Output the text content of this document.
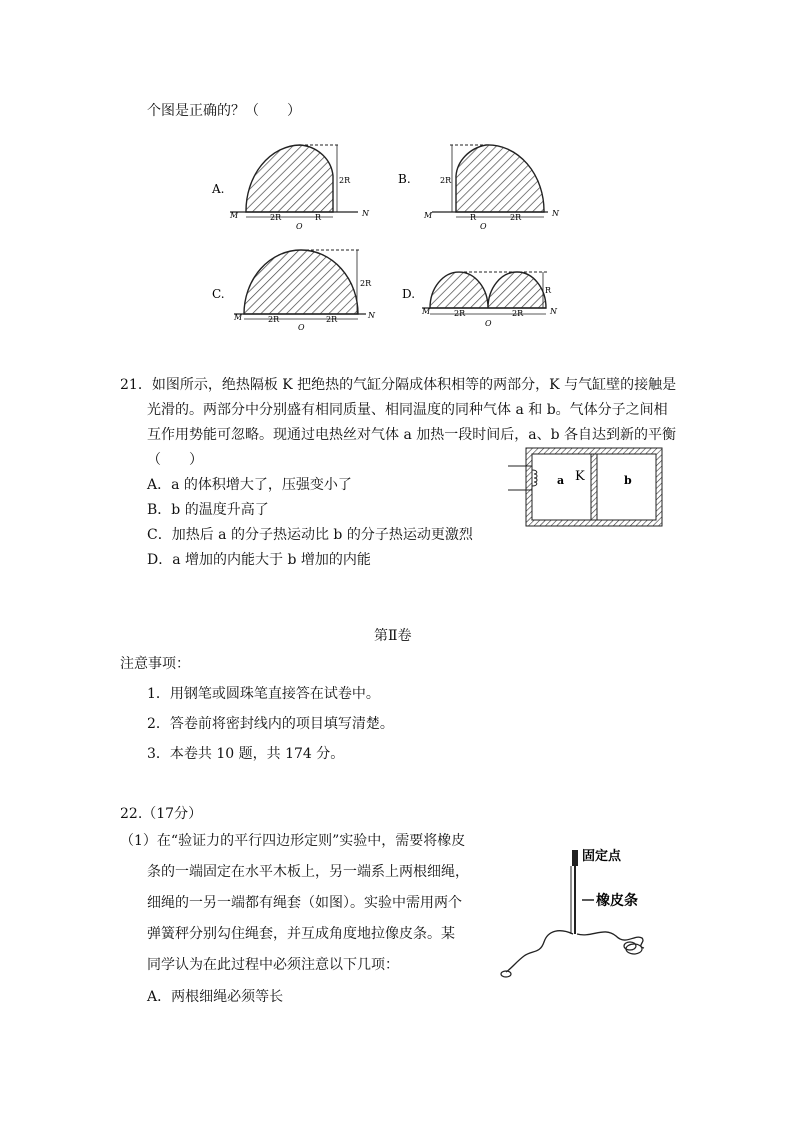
个图是正确的？（　　）
A.
2R
M	2R	R	N
O
B.	2R
M	R	2R	N
O
C.
2R
M	2R	2R	N
O
D.	R
M	2R	2R	N
O
21．如图所示，绝热隔板 K 把绝热的气缸分隔成体积相等的两部分，K 与气缸壁的接触是
光滑的。两部分中分别盛有相同质量、相同温度的同种气体 a 和 b。气体分子之间相
互作用势能可忽略。现通过电热丝对气体 a 加热一段时间后，a、b 各自达到新的平衡
（　　）
A．a 的体积增大了，压强变小了
B．b 的温度升高了
C．加热后 a 的分子热运动比 b 的分子热运动更激烈
D．a 增加的内能大于 b 增加的内能
a K	b
第Ⅱ卷
注意事项：
1．用钢笔或圆珠笔直接答在试卷中。
2．答卷前将密封线内的项目填写清楚。
3．本卷共 10 题，共 174 分。
22.（17分）
（1）在“验证力的平行四边形定则”实验中，需要将橡皮
条的一端固定在水平木板上，另一端系上两根细绳，
细绳的一另一端都有绳套（如图）。实验中需用两个
弹簧秤分别勾住绳套，并互成角度地拉像皮条。某
同学认为在此过程中必须注意以下几项：
A．两根细绳必须等长
固定点
橡皮条
